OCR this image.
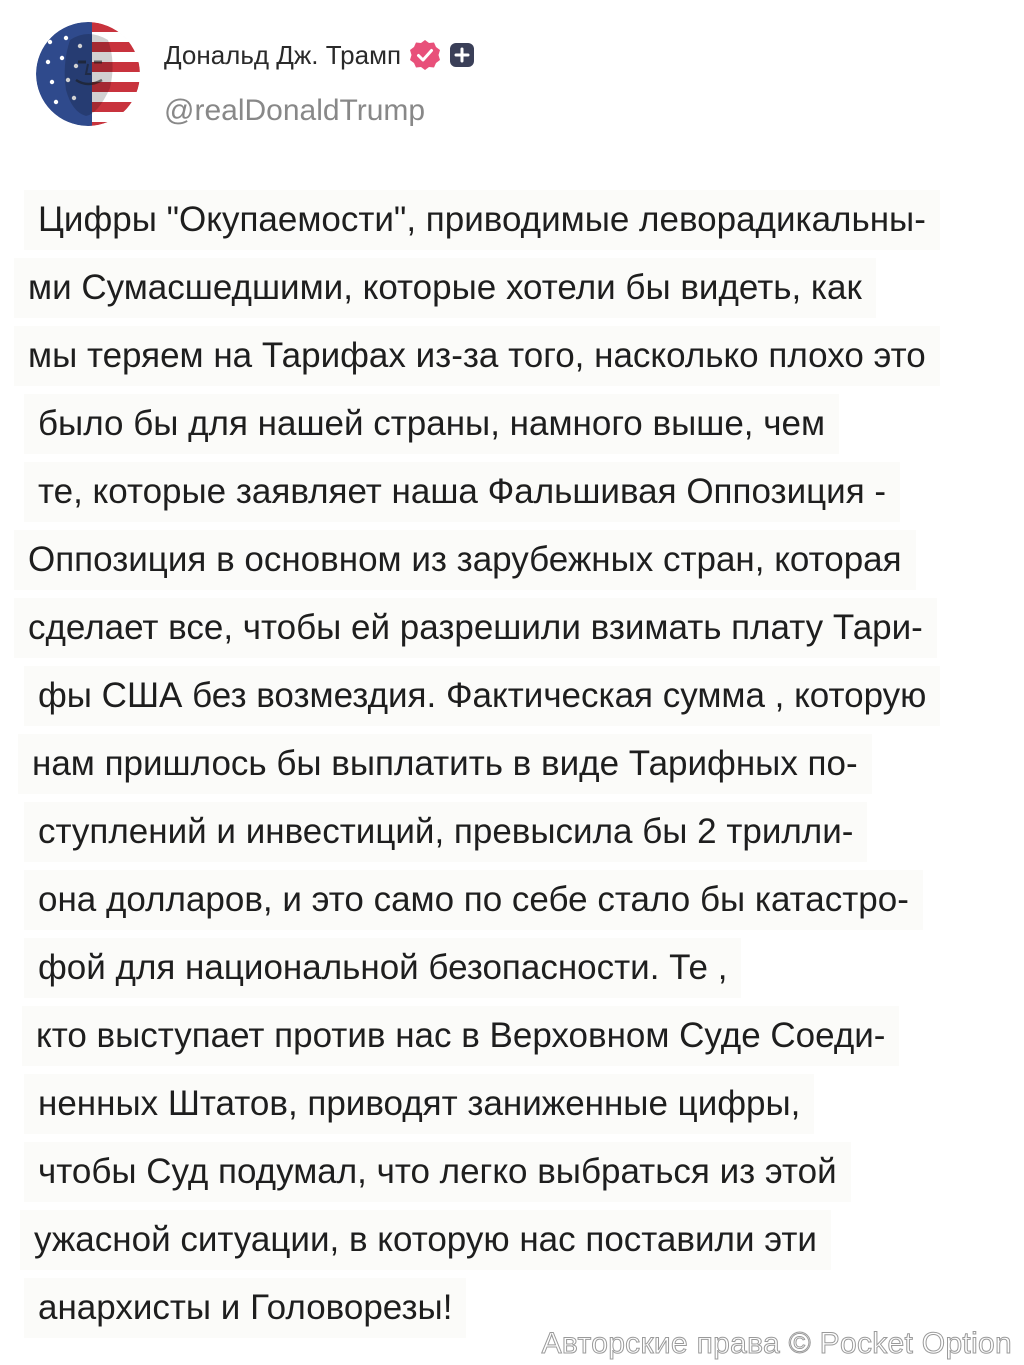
Дональд Дж. Трамп
@realDonaldTrump
Цифры "Окупаемости", приводимые леворадикальны-
ми Сумасшедшими, которые хотели бы видеть, как
мы теряем на Тарифах из-за того, насколько плохо это
было бы для нашей страны, намного выше, чем
те, которые заявляет наша Фальшивая Оппозиция -
Оппозиция в основном из зарубежных стран, которая
сделает все, чтобы ей разрешили взимать плату Тари-
фы США без возмездия. Фактическая сумма , которую
нам пришлось бы выплатить в виде Тарифных по-
ступлений и инвестиций, превысила бы 2 трилли-
она долларов, и это само по себе стало бы катастро-
фой для национальной безопасности. Те ,
кто выступает против нас в Верховном Суде Соеди-
ненных Штатов, приводят заниженные цифры,
чтобы Суд подумал, что легко выбраться из этой
ужасной ситуации, в которую нас поставили эти
анархисты и Головорезы!
Авторские права © Pocket Option
